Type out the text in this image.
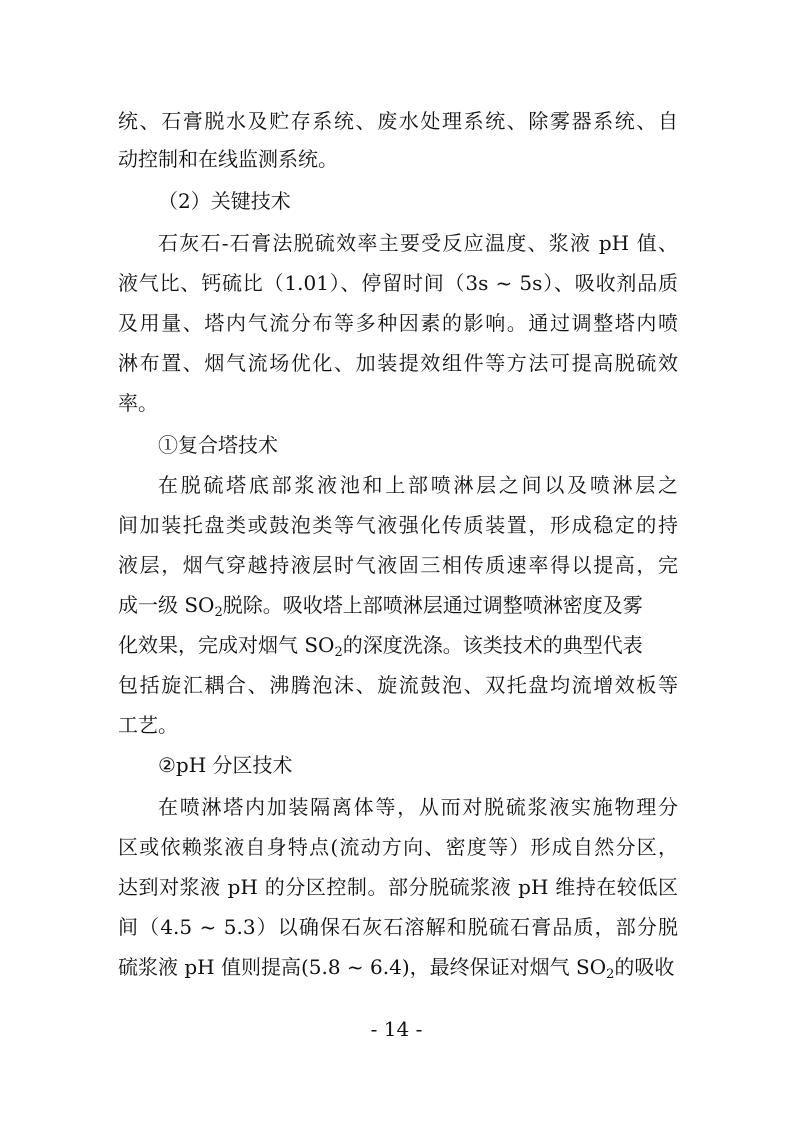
统、石膏脱水及贮存系统、废水处理系统、除雾器系统、自
动控制和在线监测系统。
（2）关键技术
石灰石-石膏法脱硫效率主要受反应温度、浆液 pH 值、
液气比、钙硫比（1.01）、停留时间（3s ~ 5s）、吸收剂品质
及用量、塔内气流分布等多种因素的影响。通过调整塔内喷
淋布置、烟气流场优化、加装提效组件等方法可提高脱硫效
率。
①复合塔技术
在脱硫塔底部浆液池和上部喷淋层之间以及喷淋层之
间加装托盘类或鼓泡类等气液强化传质装置，形成稳定的持
液层，烟气穿越持液层时气液固三相传质速率得以提高，完
成一级 $SO_2$脱除。吸收塔上部喷淋层通过调整喷淋密度及雾
化效果，完成对烟气 $SO_2$的深度洗涤。该类技术的典型代表
包括旋汇耦合、沸腾泡沫、旋流鼓泡、双托盘均流增效板等
工艺。
②pH 分区技术
在喷淋塔内加装隔离体等，从而对脱硫浆液实施物理分
区或依赖浆液自身特点(流动方向、密度等）形成自然分区，
达到对浆液 pH 的分区控制。部分脱硫浆液 pH 维持在较低区
间（4.5 ~ 5.3）以确保石灰石溶解和脱硫石膏品质，部分脱
硫浆液 pH 值则提高(5.8 ~ 6.4)，最终保证对烟气 $SO_2$的吸收
- 14 -
